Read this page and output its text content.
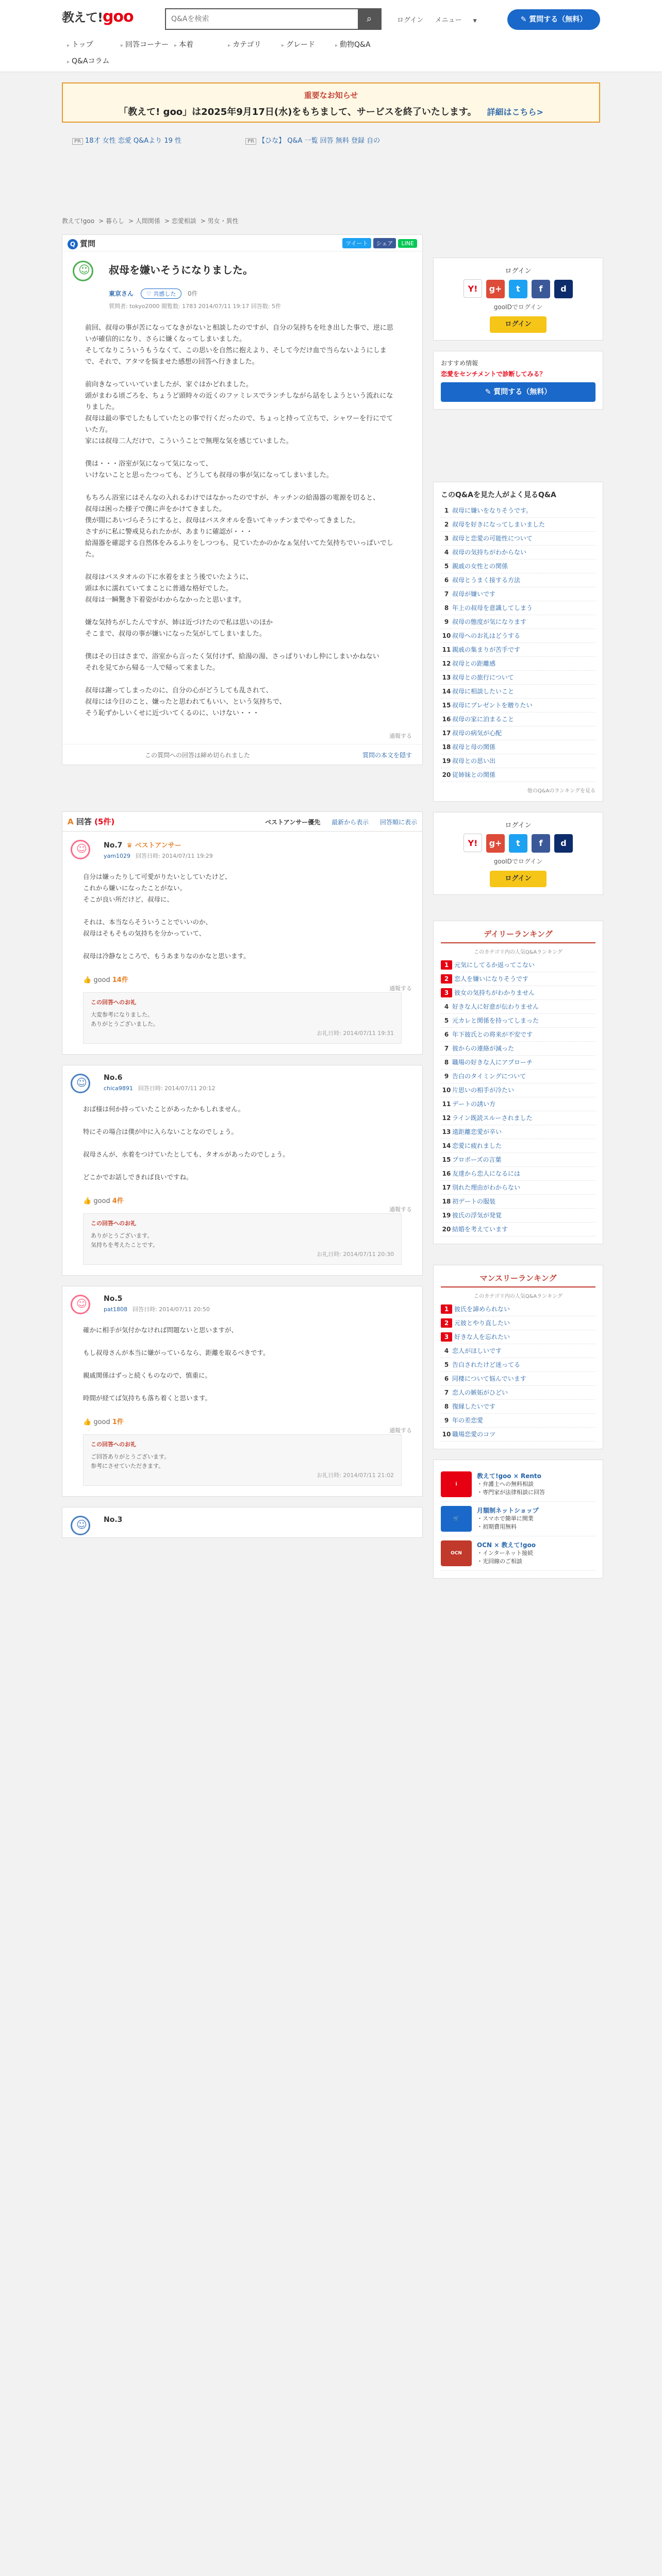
教えて!goo
Q&Aを検索	⌕	ログイン メニュー ▼	✎ 質問する（無料）
▸ トップ	▸ 回答コーナー ▸ 本着	▸ カテゴリ	▸ グレード	▸ 動物Q&A
▸ Q&Aコラム
重要なお知らせ
「教えて! goo」は2025年9月17日(水)をもちまして、サービスを終了いたします。 詳細はこちら>
PR 18才 女性 恋愛 Q&Aより 19 性	PR 【ひな】 Q&A 一覧 回答 無料 登録 自の
教えて!goo > 暮らし > 人間関係 > 恋愛相談 > 男女・異性
Q 質問	ツイート シェア LINE
☺
叔母を嫌いそうになりました。
東京さん ♡ 共感した 0件
質問者: tokyo2000 閲覧数: 1783 2014/07/11 19:17 回答数: 5件
前回、叔母の事が苦になってなきがないと相談したのですが、自分の気持ちを吐き出した事で、逆に思いが確信的になり、さらに嫌くなってしまいました。
そしてなりこういうもうなくて、この思いを自然に抱えより、そして今だけ血で当らないようにしまで、それで、アタマを悩ませた感想の回答へ行きました。

前向きなっていいていましたが、家ぐはかどれました。
頭がまわる頃ごろを、ちょうど頭時々の近くのファミレスでランチしながら話をしようという流れになりました。
叔母は最の事でしたもしていたとの事で行くだったので、ちょっと持って立ちで、シャワーを行にでていた方。
家には叔母二人だけで、こういうことで無理な気を感じていました。

僕は・・・浴室が気になって気になって、
いけないことと思ったつっても、どうしても叔母の事が気になってしまいました。

もちろん浴室にはそんなの入れるわけではなかったのですが、キッチンの給湯器の電源を切ると、
叔母は困った様子で僕に声をかけてきました。
僕が間にあいづらそうにすると、叔母はバスタオルを巻いてキッチンまでやってきました。
さすがに私に警戒見られたかが、あまりに確認が・・・
給湯器を確認する自然体をみるふりをしつつも、見ていたかのかなぁ気付いてた気持ちでいっぱいでした。

叔母はバスタオルの下に水着をまとう後でいたように、
頭は水に濡れていてまことに普通な格好でした。
叔母は一瞬驚き下着姿がわからなかったと思います。

嫌な気持ちがしたんですが、姉は近づけたので私は思いのほか
そこまで、叔母の事が嫌いになった気がしてしまいました。

僕はその日はさまで、浴室から言ったく気付けず、給湯の湯、さっぱりいわし仲にしまいかねない
それを見てから帰る一人で帰って来ました。

叔母は謝ってしまったのに、自分の心がどうしても乱されて、
叔母には今日のこと、嫌ったと思われてもいい、という気持ちで、
そう恥ずかしいくせに近づいてくるのに、いけない・・・
通報する
この質問への回答は締め切られました	質問の本文を隠す
A 回答 (5件)	ベストアンサー優先 最新から表示 回答順に表示
☺
No.7 ♛ ベストアンサー
yam1029 回答日時: 2014/07/11 19:29
自分は嫌ったりして可愛がりたいとしていたけど、
これから嫌いになったことがない。
そこが良い所だけど、叔母に、

それは、本当ならそういうことでいいのか、
叔母はそもそもの気持ちを分かっていて、

叔母は冷静なところで、もうあまりなのかなと思います。
👍 good 14件
通報する
この回答へのお礼
大変参考になりました。
ありがとうございました。
お礼日時: 2014/07/11 19:31
☺
No.6
chica9891 回答日時: 2014/07/11 20:12
おば様は何か持っていたことがあったかもしれません。

特にその場合は僕が中に入らないことなのでしょう。

叔母さんが、水着をつけていたとしても、タオルがあったのでしょう。

どこかでお話しできれば良いですね。
👍 good 4件
通報する
この回答へのお礼
ありがとうございます。
気持ちを考えたことです。
お礼日時: 2014/07/11 20:30
☺
No.5
pat1808 回答日時: 2014/07/11 20:50
確かに相手が気付かなければ問題ないと思いますが、

もし叔母さんが本当に嫌がっているなら、距離を取るべきです。

親戚関係はずっと続くものなので、慎重に。

時間が経てば気持ちも落ち着くと思います。
👍 good 1件
通報する
この回答へのお礼
ご回答ありがとうございます。
参考にさせていただきます。
お礼日時: 2014/07/11 21:02
☺
No.3
ログイン
Y! g+ t f d
gooIDでログイン
ログイン
おすすめ情報
恋愛をセンチメントで診断してみる？
✎ 質問する（無料）
このQ&Aを見た人がよく見るQ&A
1 叔母に嫌いをなりそうです。
2 叔母を好きになってしまいました
3 叔母と恋愛の可能性について
4 叔母の気持ちがわからない
5 親戚の女性との関係
6 叔母とうまく接する方法
7 叔母が嫌いです
8 年上の叔母を意識してしまう
9 叔母の態度が気になります
10 叔母へのお礼はどうする
11 親戚の集まりが苦手です
12 叔母との距離感
13 叔母との旅行について
14 叔母に相談したいこと
15 叔母にプレゼントを贈りたい
16 叔母の家に泊まること
17 叔母の病気が心配
18 叔母と母の関係
19 叔母との思い出
20 従姉妹との関係
他のQ&Aのランキングを見る
ログイン
Y! g+ t f d
gooIDでログイン
ログイン
デイリーランキング
このカテゴリ内の人気Q&Aランキング
1 元気にしてるか返ってこない
2 恋人を嫌いになりそうです
3 彼女の気持ちがわかりません
4 好きな人に好意が伝わりません
5 元カレと関係を持ってしまった
6 年下彼氏との将来が不安です
7 彼からの連絡が減った
8 職場の好きな人にアプローチ
9 告白のタイミングについて
10 片思いの相手が冷たい
11 デートの誘い方
12 ライン既読スルーされました
13 遠距離恋愛が辛い
14 恋愛に疲れました
15 プロポーズの言葉
16 友達から恋人になるには
17 別れた理由がわからない
18 初デートの服装
19 彼氏の浮気が発覚
20 結婚を考えています
マンスリーランキング
このカテゴリ内の人気Q&Aランキング
1 彼氏を諦められない
2 元彼とやり直したい
3 好きな人を忘れたい
4 恋人がほしいです
5 告白されたけど迷ってる
6 同棲について悩んでいます
7 恋人の嫉妬がひどい
8 復縁したいです
9 年の差恋愛
10 職場恋愛のコツ
ℹ
教えて!goo × Rento
・弁護士への無料相談
・専門家が法律相談に回答
🛒
月額制ネットショップ
・スマホで簡単に開業
・初期費用無料
OCN
OCN × 教えて!goo
・インターネット接続
・光回線のご相談
